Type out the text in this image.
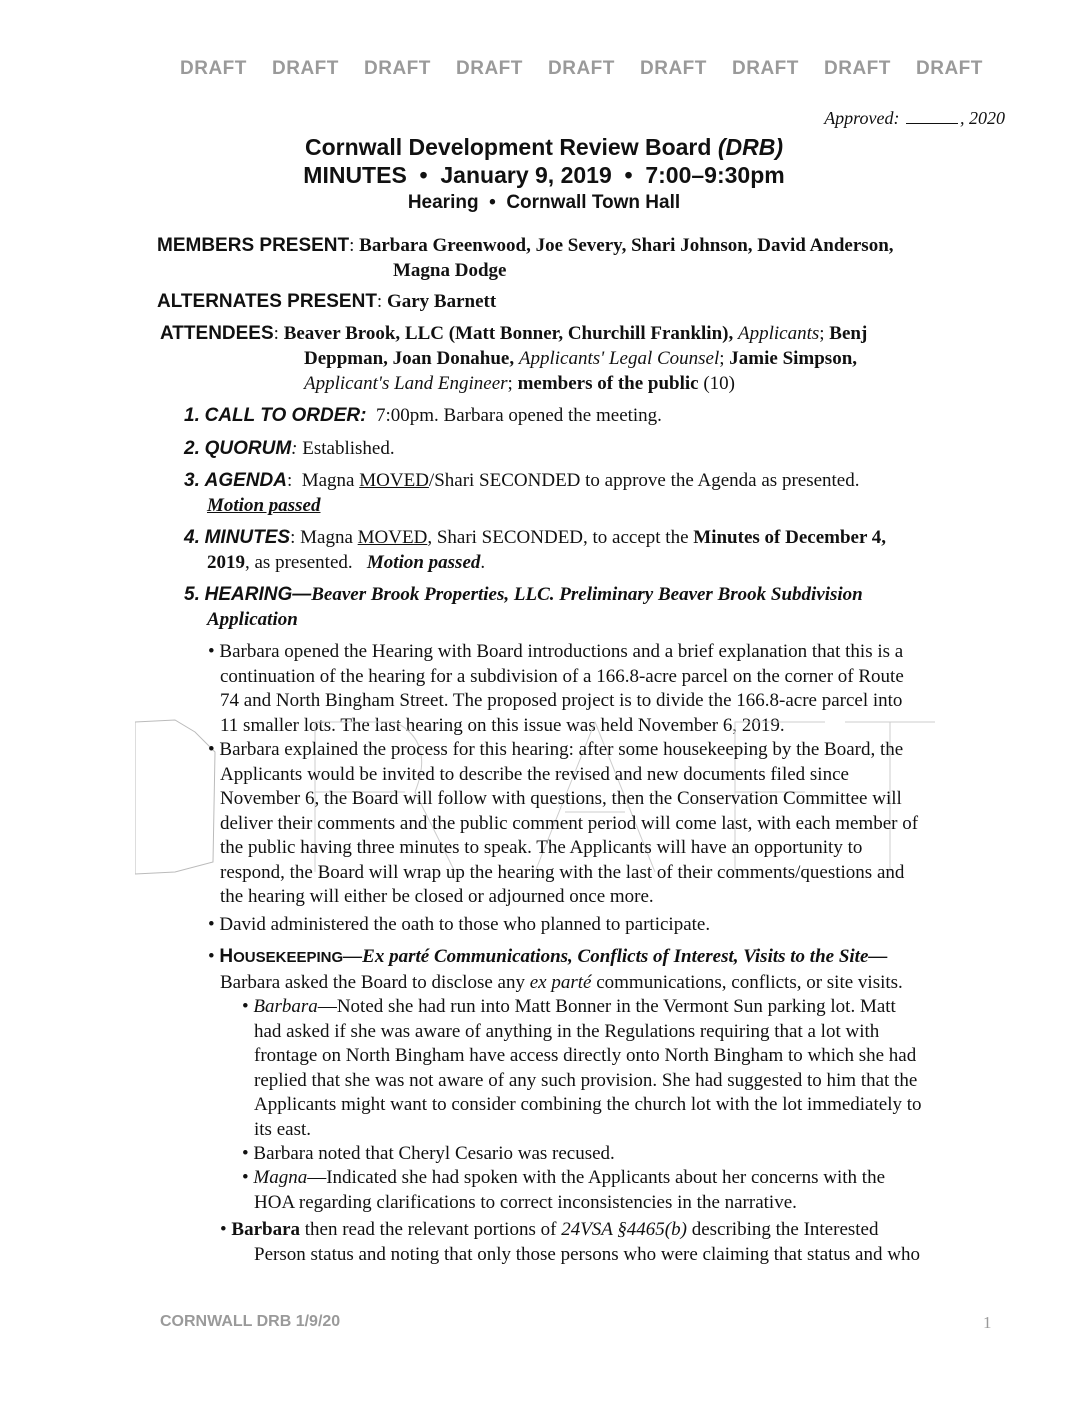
DRAFT DRAFT DRAFT DRAFT DRAFT DRAFT DRAFT DRAFT DRAFT
Approved:	, 2020
Cornwall Development Review Board (DRB)
MINUTES  •  January 9, 2019  •  7:00–9:30pm
Hearing  •  Cornwall Town Hall
MEMBERS PRESENT: Barbara Greenwood, Joe Severy, Shari Johnson, David Anderson,
Magna Dodge
ALTERNATES PRESENT: Gary Barnett
ATTENDEES: Beaver Brook, LLC (Matt Bonner, Churchill Franklin), Applicants; Benj
Deppman, Joan Donahue, Applicants' Legal Counsel; Jamie Simpson,
Applicant's Land Engineer; members of the public (10)
1. CALL TO ORDER: 7:00pm. Barbara opened the meeting.
2. QUORUM: Established.
3. AGENDA:  Magna MOVED/Shari SECONDED to approve the Agenda as presented.
Motion passed
4. MINUTES: Magna MOVED, Shari SECONDED, to accept the Minutes of December 4,
2019, as presented.   Motion passed.
5. HEARING—Beaver Brook Properties, LLC. Preliminary Beaver Brook Subdivision
Application
• Barbara opened the Hearing with Board introductions and a brief explanation that this is a
continuation of the hearing for a subdivision of a 166.8-acre parcel on the corner of Route
74 and North Bingham Street. The proposed project is to divide the 166.8-acre parcel into
11 smaller lots. The last hearing on this issue was held November 6, 2019.
• Barbara explained the process for this hearing: after some housekeeping by the Board, the
Applicants would be invited to describe the revised and new documents filed since
November 6, the Board will follow with questions, then the Conservation Committee will
deliver their comments and the public comment period will come last, with each member of
the public having three minutes to speak. The Applicants will have an opportunity to
respond, the Board will wrap up the hearing with the last of their comments/questions and
the hearing will either be closed or adjourned once more.
• David administered the oath to those who planned to participate.
• HOUSEKEEPING—Ex parté Communications, Conflicts of Interest, Visits to the Site—
Barbara asked the Board to disclose any ex parté communications, conflicts, or site visits.
• Barbara—Noted she had run into Matt Bonner in the Vermont Sun parking lot. Matt
had asked if she was aware of anything in the Regulations requiring that a lot with
frontage on North Bingham have access directly onto North Bingham to which she had
replied that she was not aware of any such provision. She had suggested to him that the
Applicants might want to consider combining the church lot with the lot immediately to
its east.
• Barbara noted that Cheryl Cesario was recused.
• Magna—Indicated she had spoken with the Applicants about her concerns with the
HOA regarding clarifications to correct inconsistencies in the narrative.
• Barbara then read the relevant portions of 24VSA §4465(b) describing the Interested
Person status and noting that only those persons who were claiming that status and who
CORNWALL DRB 1/9/20	1
